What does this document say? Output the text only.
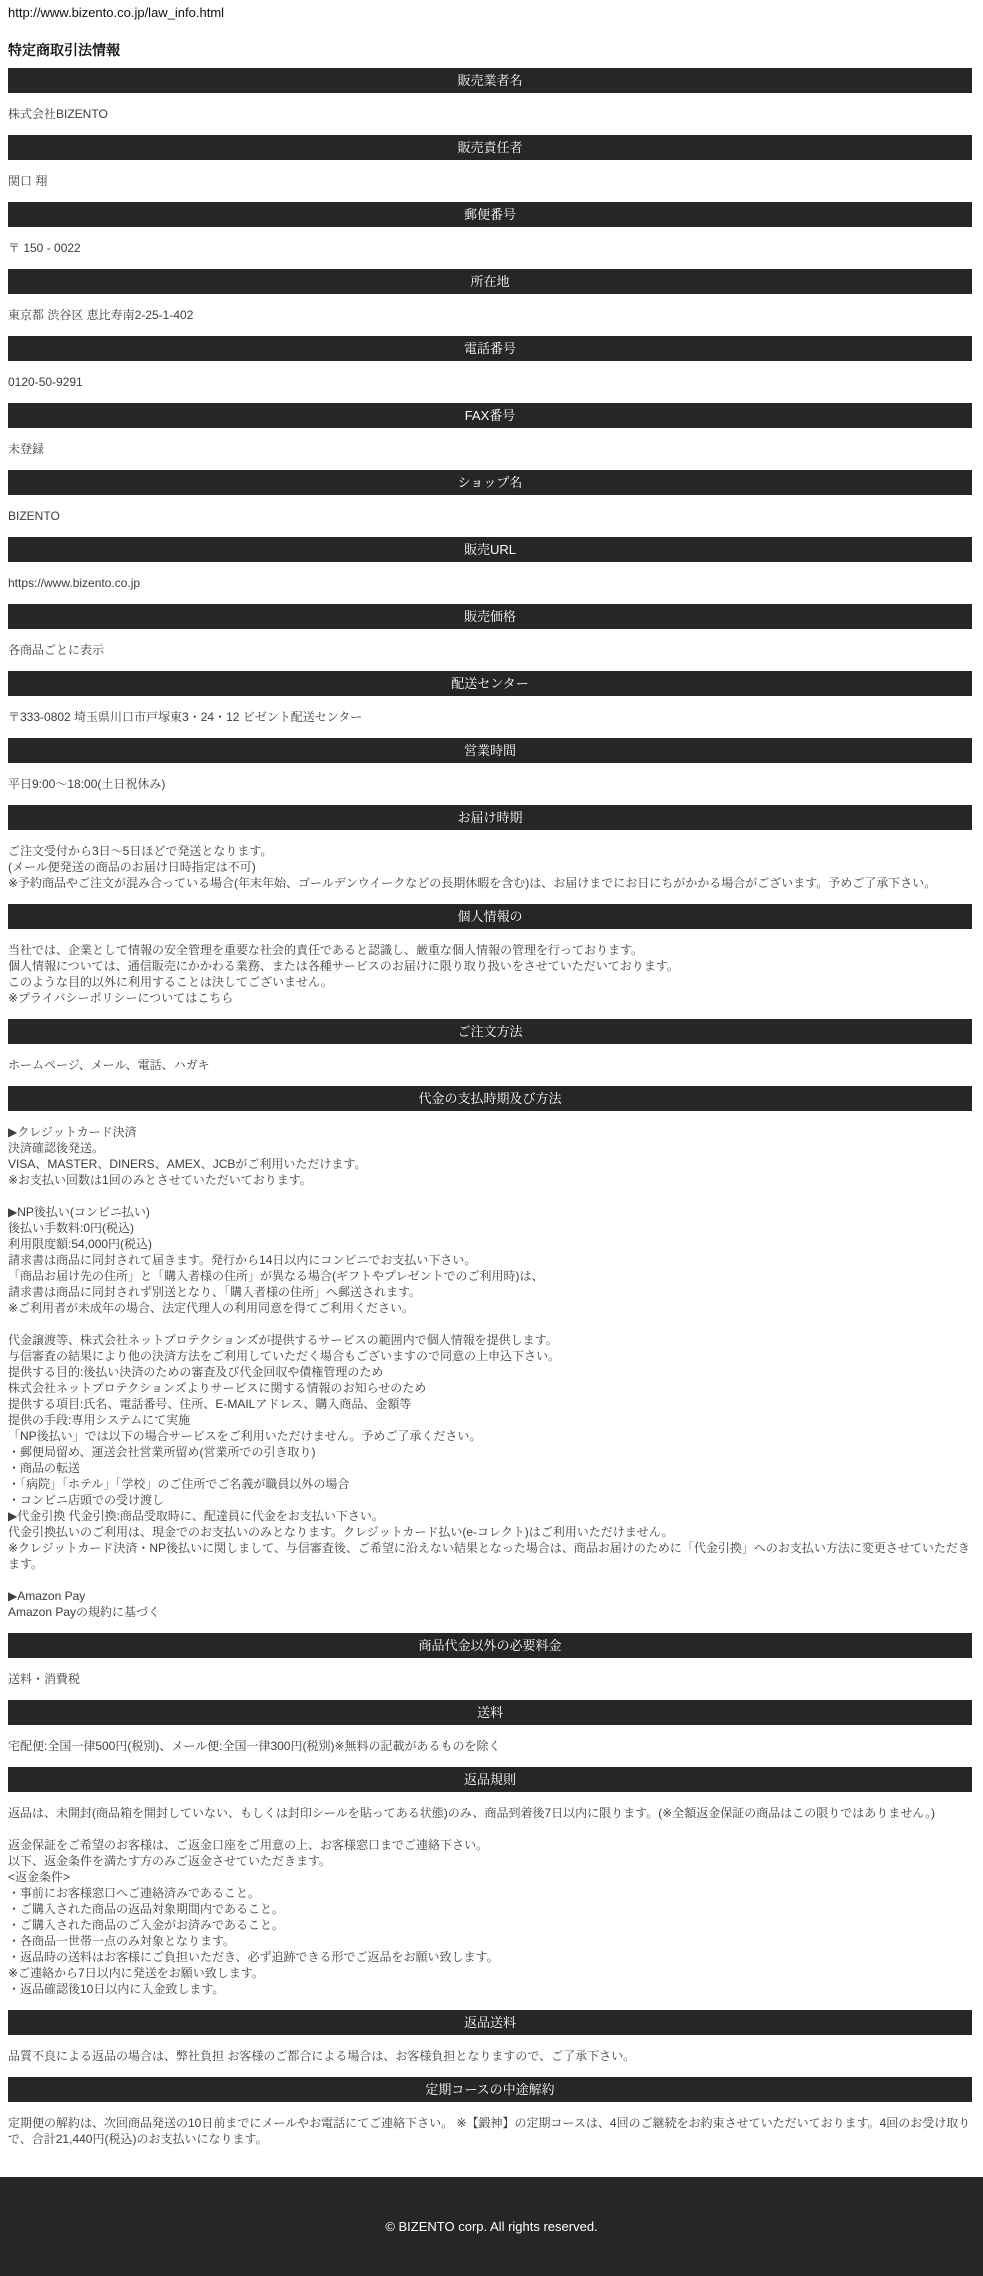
http://www.bizento.co.jp/law_info.html
特定商取引法情報
販売業者名
株式会社BIZENTO
販売責任者
関口 翔
郵便番号
〒 150 - 0022
所在地
東京都 渋谷区 恵比寿南2-25-1-402
電話番号
0120-50-9291
FAX番号
未登録
ショップ名
BIZENTO
販売URL
https://www.bizento.co.jp
販売価格
各商品ごとに表示
配送センター
〒333-0802 埼玉県川口市戸塚東3・24・12 ビゼント配送センター
営業時間
平日9:00〜18:00(土日祝休み)
お届け時期
ご注文受付から3日〜5日ほどで発送となります。
(メール便発送の商品のお届け日時指定は不可)
※予約商品やご注文が混み合っている場合(年末年始、ゴールデンウイークなどの長期休暇を含む)は、お届けまでにお日にちがかかる場合がございます。予めご了承下さい。
個人情報の
当社では、企業として情報の安全管理を重要な社会的責任であると認識し、厳重な個人情報の管理を行っております。
個人情報については、通信販売にかかわる業務、または各種サービスのお届けに限り取り扱いをさせていただいております。
このような目的以外に利用することは決してございません。
※プライバシーポリシーについてはこちら
ご注文方法
ホームページ、メール、電話、ハガキ
代金の支払時期及び方法
▶クレジットカード決済
決済確認後発送。
VISA、MASTER、DINERS、AMEX、JCBがご利用いただけます。
※お支払い回数は1回のみとさせていただいております。
▶NP後払い(コンビニ払い)
後払い手数料:0円(税込)
利用限度額:54,000円(税込)
請求書は商品に同封されて届きます。発行から14日以内にコンビニでお支払い下さい。
「商品お届け先の住所」と「購入者様の住所」が異なる場合(ギフトやプレゼントでのご利用時)は、
請求書は商品に同封されず別送となり、「購入者様の住所」へ郵送されます。
※ご利用者が未成年の場合、法定代理人の利用同意を得てご利用ください。
代金譲渡等、株式会社ネットプロテクションズが提供するサービスの範囲内で個人情報を提供します。
与信審査の結果により他の決済方法をご利用していただく場合もございますので同意の上申込下さい。
提供する目的:後払い決済のための審査及び代金回収や債権管理のため
株式会社ネットプロテクションズよりサービスに関する情報のお知らせのため
提供する項目:氏名、電話番号、住所、E-MAILアドレス、購入商品、金額等
提供の手段:専用システムにて実施
「NP後払い」では以下の場合サービスをご利用いただけません。予めご了承ください。
・郵便局留め、運送会社営業所留め(営業所での引き取り)
・商品の転送
・「病院」「ホテル」「学校」のご住所でご名義が職員以外の場合
・コンビニ店頭での受け渡し
▶代金引換 代金引換:商品受取時に、配達員に代金をお支払い下さい。
代金引換払いのご利用は、現金でのお支払いのみとなります。クレジットカード払い(e-コレクト)はご利用いただけません。
※クレジットカード決済・NP後払いに関しまして、与信審査後、ご希望に沿えない結果となった場合は、商品お届けのために「代金引換」へのお支払い方法に変更させていただきます。
▶Amazon Pay
Amazon Payの規約に基づく
商品代金以外の必要料金
送料・消費税
送料
宅配便:全国一律500円(税別)、メール便:全国一律300円(税別)※無料の記載があるものを除く
返品規則
返品は、未開封(商品箱を開封していない、もしくは封印シールを貼ってある状態)のみ、商品到着後7日以内に限ります。(※全額返金保証の商品はこの限りではありません。)
返金保証をご希望のお客様は、ご返金口座をご用意の上、お客様窓口までご連絡下さい。
以下、返金条件を満たす方のみご返金させていただきます。
<返金条件>
・事前にお客様窓口へご連絡済みであること。
・ご購入された商品の返品対象期間内であること。
・ご購入された商品のご入金がお済みであること。
・各商品一世帯一点のみ対象となります。
・返品時の送料はお客様にご負担いただき、必ず追跡できる形でご返品をお願い致します。
※ご連絡から7日以内に発送をお願い致します。
・返品確認後10日以内に入金致します。
返品送料
品質不良による返品の場合は、弊社負担 お客様のご都合による場合は、お客様負担となりますので、ご了承下さい。
定期コースの中途解約
定期便の解約は、次回商品発送の10日前までにメールやお電話にてご連絡下さい。 ※【鍛神】の定期コースは、4回のご継続をお約束させていただいております。4回のお受け取りで、合計21,440円(税込)のお支払いになります。
© BIZENTO corp. All rights reserved.
